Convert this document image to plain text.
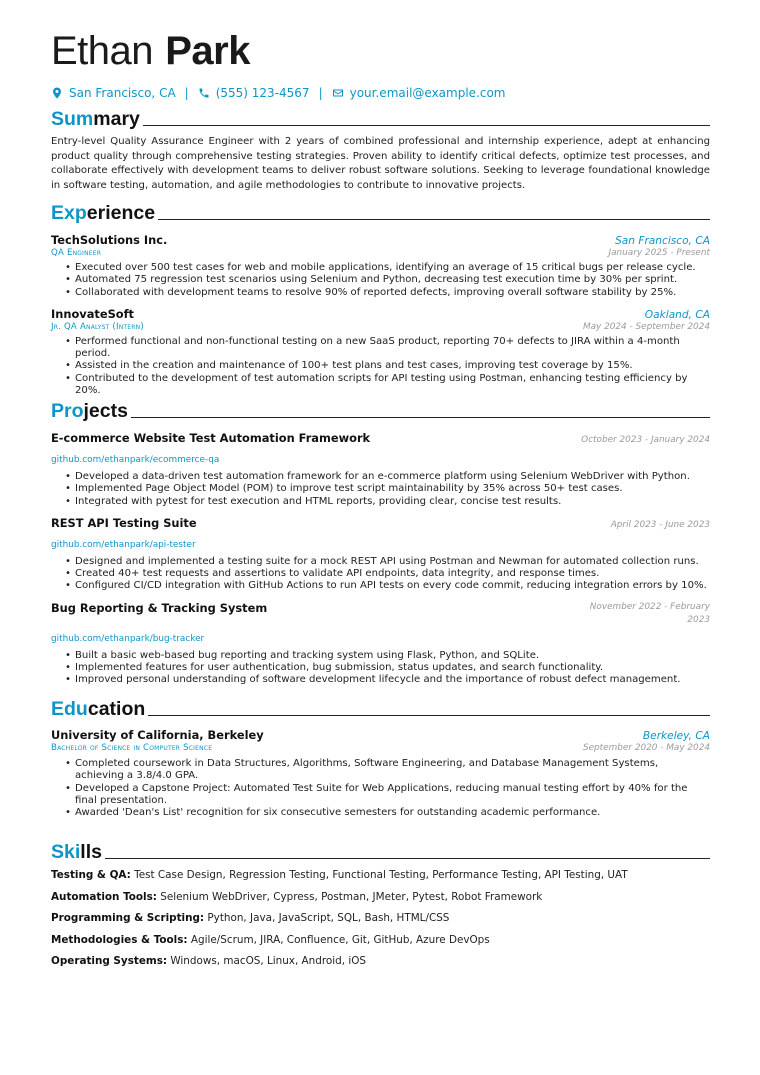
Ethan Park
San Francisco, CA | (555) 123-4567 | your.email@example.com
Summary

Entry-level Quality Assurance Engineer with 2 years of combined professional and internship experience, adept at enhancing product quality through comprehensive testing strategies. Proven ability to identify critical defects, optimize test processes, and collaborate effectively with development teams to deliver robust software solutions. Seeking to leverage foundational knowledge in software testing, automation, and agile methodologies to contribute to innovative projects.

Experience
TechSolutions Inc.	San Francisco, CA
QA Engineer	January 2025 - Present
• Executed over 500 test cases for web and mobile applications, identifying an average of 15 critical bugs per release cycle.
• Automated 75 regression test scenarios using Selenium and Python, decreasing test execution time by 30% per sprint.
• Collaborated with development teams to resolve 90% of reported defects, improving overall software stability by 25%.
InnovateSoft	Oakland, CA
Jr. QA Analyst (Intern)	May 2024 - September 2024
• Performed functional and non-functional testing on a new SaaS product, reporting 70+ defects to JIRA within a 4-month period.
• Assisted in the creation and maintenance of 100+ test plans and test cases, improving test coverage by 15%.
• Contributed to the development of test automation scripts for API testing using Postman, enhancing testing efficiency by 20%.
Projects
E-commerce Website Test Automation Framework	October 2023 - January 2024
github.com/ethanpark/ecommerce-qa
• Developed a data-driven test automation framework for an e-commerce platform using Selenium WebDriver with Python.
• Implemented Page Object Model (POM) to improve test script maintainability by 35% across 50+ test cases.
• Integrated with pytest for test execution and HTML reports, providing clear, concise test results.
REST API Testing Suite	April 2023 - June 2023
github.com/ethanpark/api-tester
• Designed and implemented a testing suite for a mock REST API using Postman and Newman for automated collection runs.
• Created 40+ test requests and assertions to validate API endpoints, data integrity, and response times.
• Configured CI/CD integration with GitHub Actions to run API tests on every code commit, reducing integration errors by 10%.
Bug Reporting & Tracking System	November 2022 - February
2023
github.com/ethanpark/bug-tracker
• Built a basic web-based bug reporting and tracking system using Flask, Python, and SQLite.
• Implemented features for user authentication, bug submission, status updates, and search functionality.
• Improved personal understanding of software development lifecycle and the importance of robust defect management.
Education
University of California, Berkeley	Berkeley, CA
Bachelor of Science in Computer Science	September 2020 - May 2024
• Completed coursework in Data Structures, Algorithms, Software Engineering, and Database Management Systems, achieving a 3.8/4.0 GPA.
• Developed a Capstone Project: Automated Test Suite for Web Applications, reducing manual testing effort by 40% for the final presentation.
• Awarded 'Dean's List' recognition for six consecutive semesters for outstanding academic performance.
Skills
Testing & QA: Test Case Design, Regression Testing, Functional Testing, Performance Testing, API Testing, UAT
Automation Tools: Selenium WebDriver, Cypress, Postman, JMeter, Pytest, Robot Framework
Programming & Scripting: Python, Java, JavaScript, SQL, Bash, HTML/CSS
Methodologies & Tools: Agile/Scrum, JIRA, Confluence, Git, GitHub, Azure DevOps
Operating Systems: Windows, macOS, Linux, Android, iOS
